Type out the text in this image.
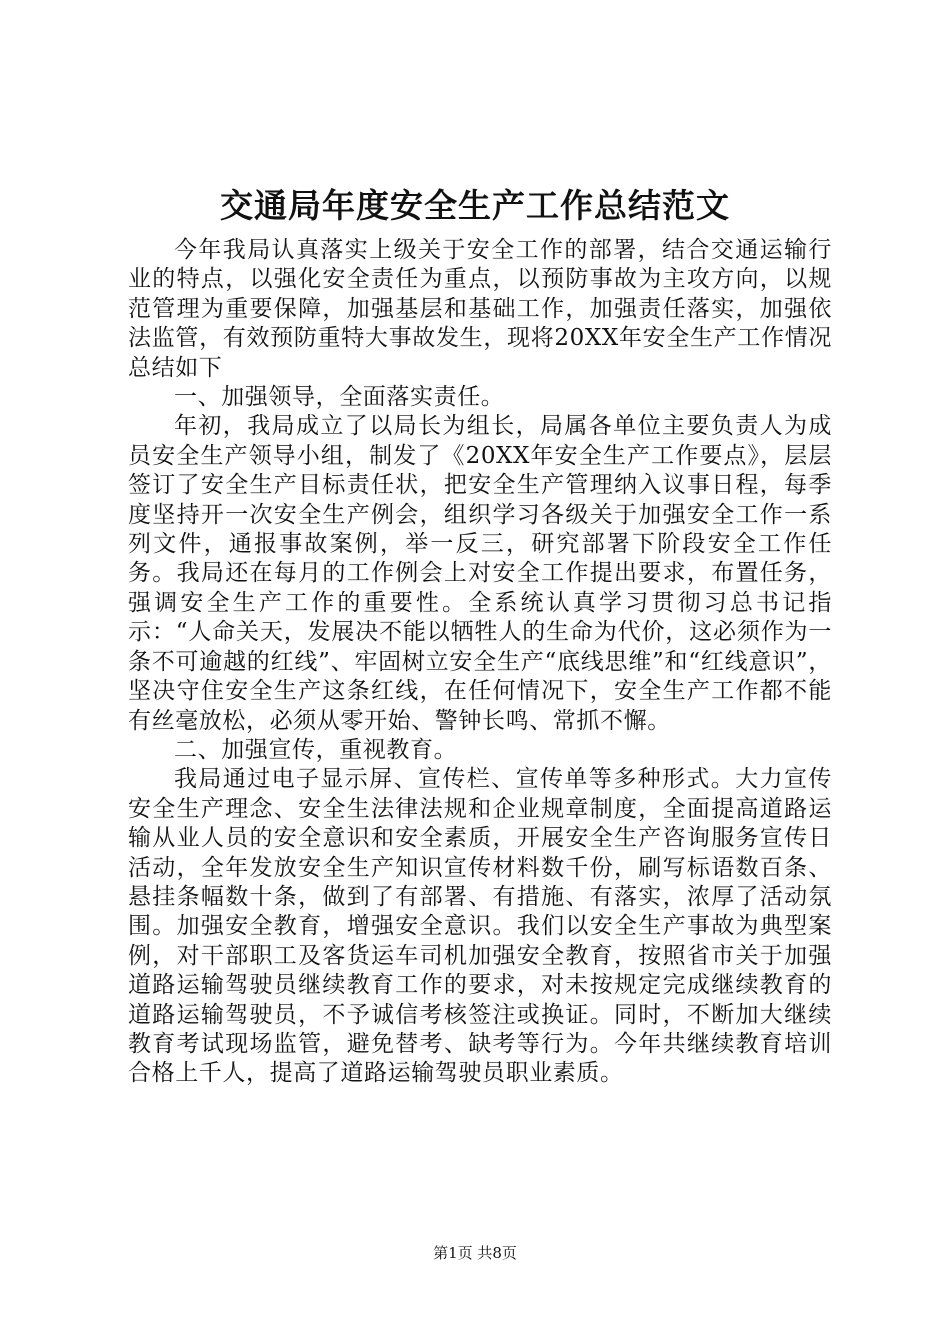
交通局年度安全生产工作总结范文

今年我局认真落实上级关于安全工作的部署，结合交通运输行业的特点，以强化安全责任为重点，以预防事故为主攻方向，以规范管理为重要保障，加强基层和基础工作，加强责任落实，加强依法监管，有效预防重特大事故发生，现将20XX年安全生产工作情况总结如下

一、加强领导，全面落实责任。

年初，我局成立了以局长为组长，局属各单位主要负责人为成员安全生产领导小组，制发了《20XX年安全生产工作要点》，层层签订了安全生产目标责任状，把安全生产管理纳入议事日程，每季度坚持开一次安全生产例会，组织学习各级关于加强安全工作一系列文件，通报事故案例，举一反三，研究部署下阶段安全工作任务。我局还在每月的工作例会上对安全工作提出要求，布置任务，强调安全生产工作的重要性。全系统认真学习贯彻习总书记指示：“人命关天，发展决不能以牺牲人的生命为代价，这必须作为一条不可逾越的红线”、牢固树立安全生产“底线思维”和“红线意识”，坚决守住安全生产这条红线，在任何情况下，安全生产工作都不能有丝毫放松，必须从零开始、警钟长鸣、常抓不懈。

二、加强宣传，重视教育。

我局通过电子显示屏、宣传栏、宣传单等多种形式。大力宣传安全生产理念、安全生法律法规和企业规章制度，全面提高道路运输从业人员的安全意识和安全素质，开展安全生产咨询服务宣传日活动，全年发放安全生产知识宣传材料数千份，刷写标语数百条、悬挂条幅数十条，做到了有部署、有措施、有落实，浓厚了活动氛围。加强安全教育，增强安全意识。我们以安全生产事故为典型案例，对干部职工及客货运车司机加强安全教育，按照省市关于加强道路运输驾驶员继续教育工作的要求，对未按规定完成继续教育的道路运输驾驶员，不予诚信考核签注或换证。同时，不断加大继续教育考试现场监管，避免替考、缺考等行为。今年共继续教育培训合格上千人，提高了道路运输驾驶员职业素质。

第1页 共8页
